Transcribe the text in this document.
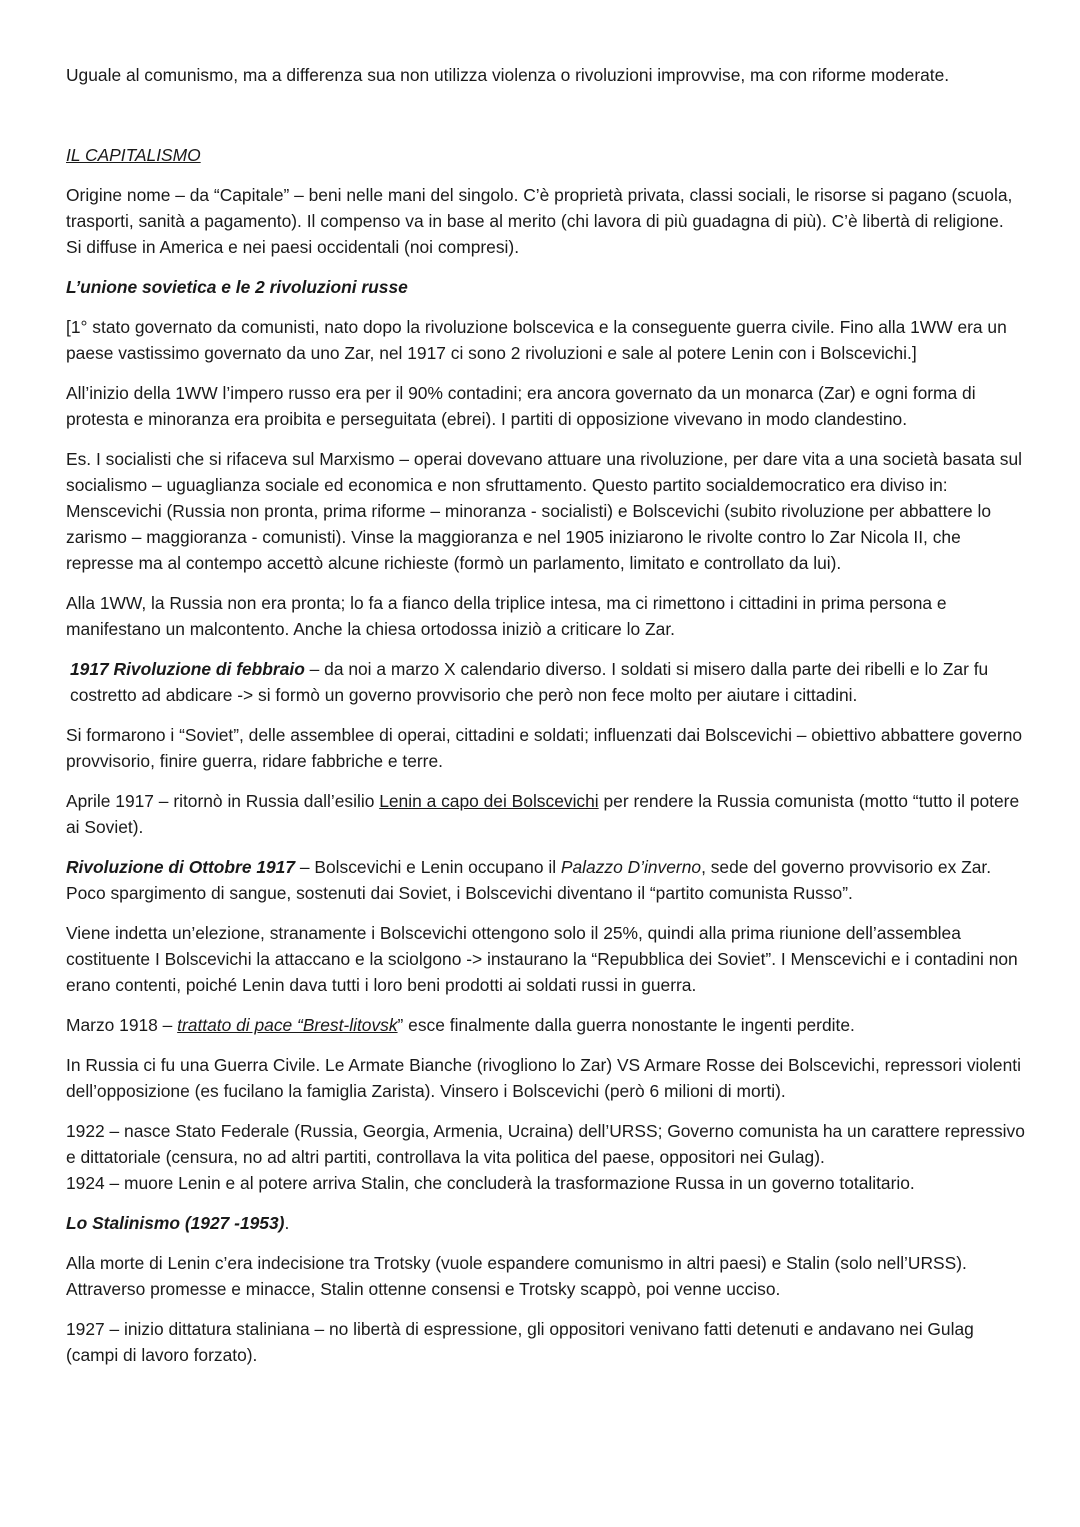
Uguale al comunismo, ma a differenza sua non utilizza violenza o rivoluzioni improvvise, ma con riforme moderate.

IL CAPITALISMO

Origine nome – da “Capitale” – beni nelle mani del singolo. C’è proprietà privata, classi sociali, le risorse si pagano (scuola, trasporti, sanità a pagamento). Il compenso va in base al merito (chi lavora di più guadagna di più). C’è libertà di religione.     Si diffuse in America e nei paesi occidentali (noi compresi).

L’unione sovietica e le 2 rivoluzioni russe

[1° stato governato da comunisti, nato dopo la rivoluzione bolscevica e la conseguente guerra civile. Fino alla 1WW era un paese vastissimo governato da uno Zar, nel 1917 ci sono 2 rivoluzioni e sale al potere Lenin con i Bolscevichi.]

All’inizio della 1WW l’impero russo era per il 90% contadini; era ancora governato da un monarca (Zar) e ogni forma di protesta e minoranza era proibita e perseguitata (ebrei). I partiti di opposizione vivevano in modo clandestino.

Es. I socialisti che si rifaceva sul Marxismo – operai dovevano attuare una rivoluzione, per dare vita a una società basata sul socialismo – uguaglianza sociale ed economica e non sfruttamento. Questo partito socialdemocratico era diviso in: Menscevichi (Russia non pronta, prima riforme – minoranza - socialisti) e Bolscevichi (subito rivoluzione per abbattere lo zarismo – maggioranza - comunisti). Vinse la maggioranza e nel 1905 iniziarono le rivolte contro lo Zar Nicola II, che represse ma al contempo accettò alcune richieste (formò un parlamento, limitato e controllato da lui).

Alla 1WW, la Russia non era pronta; lo fa a fianco della triplice intesa, ma ci rimettono i cittadini in prima persona e manifestano un malcontento. Anche la chiesa ortodossa iniziò a criticare lo Zar.

1917 Rivoluzione di febbraio – da noi a marzo X calendario diverso. I soldati si misero dalla parte dei ribelli e lo Zar fu costretto ad abdicare -> si formò un governo provvisorio che però non fece molto per aiutare i cittadini.

Si formarono i “Soviet”, delle assemblee di operai, cittadini e soldati; influenzati dai Bolscevichi – obiettivo abbattere governo provvisorio, finire guerra, ridare fabbriche e terre.

Aprile 1917 – ritornò in Russia dall’esilio Lenin a capo dei Bolscevichi per rendere la Russia comunista (motto “tutto il potere ai Soviet).

Rivoluzione di Ottobre 1917 – Bolscevichi e Lenin occupano il Palazzo D’inverno, sede del governo provvisorio ex Zar. Poco spargimento di sangue, sostenuti dai Soviet, i Bolscevichi diventano il “partito comunista Russo”.

Viene indetta un’elezione, stranamente i Bolscevichi ottengono solo il 25%, quindi alla prima riunione dell’assemblea costituente I Bolscevichi la attaccano e la sciolgono -> instaurano la “Repubblica dei Soviet”. I Menscevichi e i contadini non erano contenti, poiché Lenin dava tutti i loro beni prodotti ai soldati russi in guerra.

Marzo 1918 – trattato di pace “Brest-litovsk” esce finalmente dalla guerra nonostante le ingenti perdite.

In Russia ci fu una Guerra Civile. Le Armate Bianche (rivogliono lo Zar) VS Armare Rosse dei Bolscevichi, repressori violenti dell’opposizione (es fucilano la famiglia Zarista). Vinsero i Bolscevichi (però 6 milioni di morti).

1922 – nasce Stato Federale (Russia, Georgia, Armenia, Ucraina) dell’URSS; Governo comunista ha un carattere repressivo e dittatoriale (censura, no ad altri partiti, controllava la vita politica del paese, oppositori nei Gulag).

1924 – muore Lenin e al potere arriva Stalin, che concluderà la trasformazione Russa in un governo totalitario.

Lo Stalinismo (1927 -1953).

Alla morte di Lenin c’era indecisione tra Trotsky (vuole espandere comunismo in altri paesi) e Stalin (solo nell’URSS). Attraverso promesse e minacce, Stalin ottenne consensi e Trotsky scappò, poi venne ucciso.

1927 – inizio dittatura staliniana – no libertà di espressione, gli oppositori venivano fatti detenuti e andavano nei Gulag (campi di lavoro forzato).
